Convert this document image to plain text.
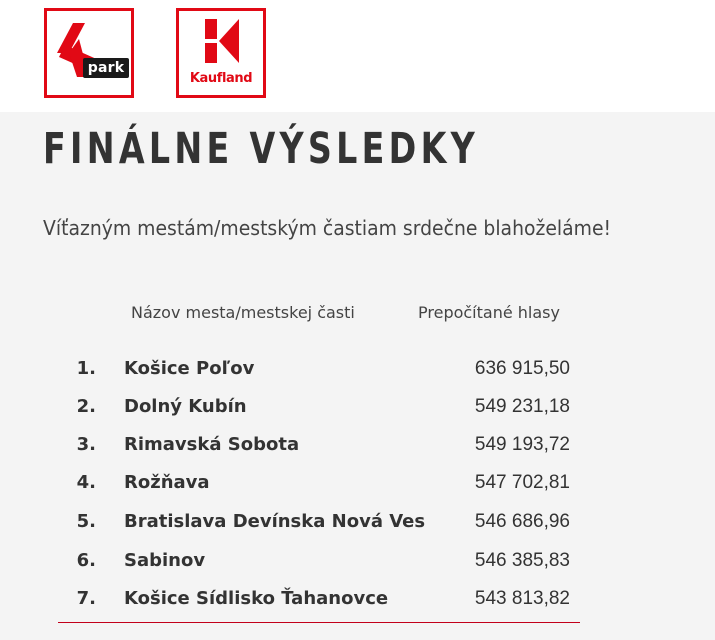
park
Kaufland
FINÁLNE VÝSLEDKY

Víťazným mestám/mestským častiam srdečne blahoželáme!

Názov mesta/mestskej časti	Prepočítané hlasy
1. Košice Poľov	636 915,50
2. Dolný Kubín	549 231,18
3. Rimavská Sobota	549 193,72
4. Rožňava	547 702,81
5. Bratislava Devínska Nová Ves	546 686,96
6. Sabinov	546 385,83
7. Košice Sídlisko Ťahanovce	543 813,82
